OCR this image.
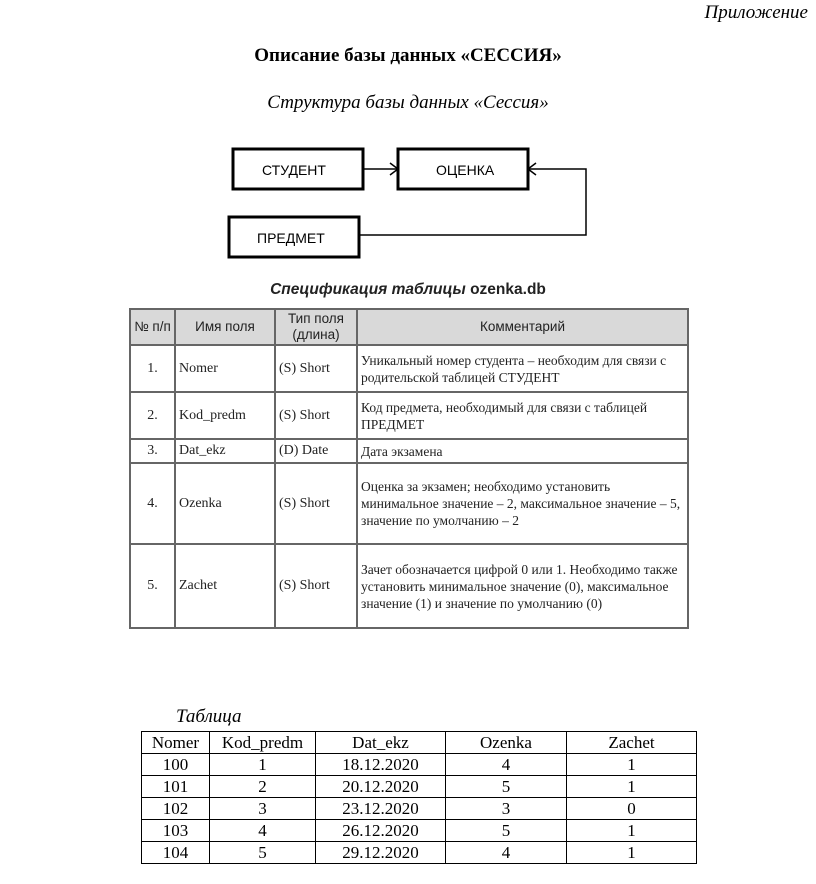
Приложение
Описание базы данных «СЕССИЯ»
Структура базы данных «Сессия»
СТУДЕНТ	ОЦЕНКА
ПРЕДМЕТ
Спецификация таблицы ozenka.db
№ п/п	Имя поля	Тип поля (длина)	Комментарий
1.	Nomer	(S) Short	Уникальный номер студента – необходим для связи с родительской таблицей СТУДЕНТ
2.	Kod_predm	(S) Short	Код предмета, необходимый для связи с таблицей ПРЕДМЕТ
3.	Dat_ekz	(D) Date	Дата экзамена
4.	Ozenka	(S) Short	Оценка за экзамен; необходимо установить минимальное значение – 2, максимальное значение – 5, значение по умолчанию – 2
5.	Zachet	(S) Short	Зачет обозначается цифрой 0 или 1. Необходимо также установить минимальное значение (0), максимальное значение (1) и значение по умолчанию (0)
Таблица
Nomer	Kod_predm	Dat_ekz	Ozenka	Zachet
100	1	18.12.2020	4	1
101	2	20.12.2020	5	1
102	3	23.12.2020	3	0
103	4	26.12.2020	5	1
104	5	29.12.2020	4	1
